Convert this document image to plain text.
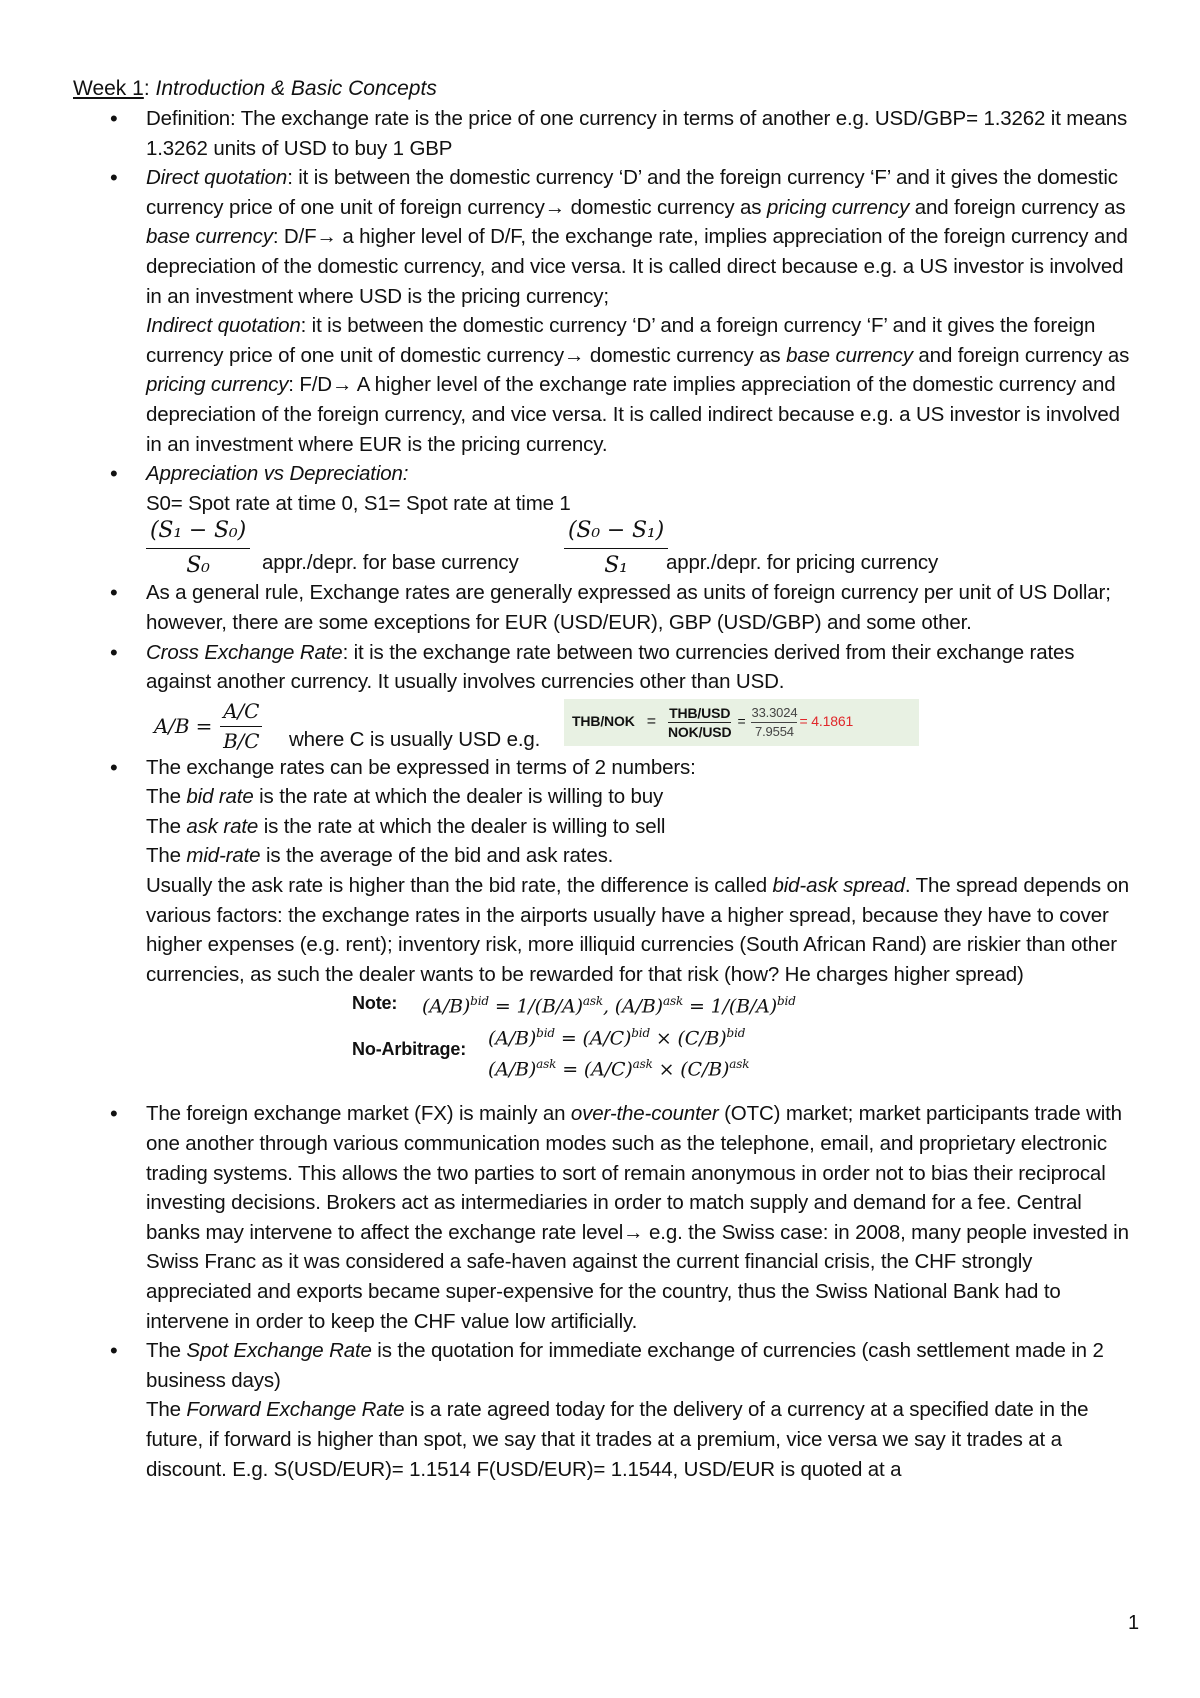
Week 1: Introduction & Basic Concepts

• Definition: The exchange rate is the price of one currency in terms of another e.g. USD/GBP= 1.3262 it means 1.3262 units of USD to buy 1 GBP

• Direct quotation: it is between the domestic currency ‘D’ and the foreign currency ‘F’ and it gives the domestic currency price of one unit of foreign currency→ domestic currency as pricing currency and foreign currency as base currency: D/F→ a higher level of D/F, the exchange rate, implies appreciation of the foreign currency and depreciation of the domestic currency, and vice versa. It is called direct because e.g. a US investor is involved in an investment where USD is the pricing currency;

Indirect quotation: it is between the domestic currency ‘D’ and a foreign currency ‘F’ and it gives the foreign currency price of one unit of domestic currency→ domestic currency as base currency and foreign currency as pricing currency: F/D→ A higher level of the exchange rate implies appreciation of the domestic currency and depreciation of the foreign currency, and vice versa. It is called indirect because e.g. a US investor is involved in an investment where EUR is the pricing currency.

• Appreciation vs Depreciation:

S0= Spot rate at time 0, S1= Spot rate at time 1

$\frac{\text{(S₁ − S₀)}}{\text{S₀}}$ appr./depr. for base currency $\frac{\text{(S₀ − S₁)}}{\text{S₁}}$
appr./depr. for pricing currency

• As a general rule, Exchange rates are generally expressed as units of foreign currency per unit of US Dollar; however, there are some exceptions for EUR (USD/EUR), GBP (USD/GBP) and some other.

• Cross Exchange Rate: it is the exchange rate between two currencies derived from their exchange rates against another currency. It usually involves currencies other than USD.

$A/B = \frac{A/C}{B/C}$ where C is usually USD e.g.
THB/NOK =
THB/USD
NOK/USD
= $\frac{33.3024}{7.9554} = 4.1861$

• The exchange rates can be expressed in terms of 2 numbers:

The bid rate is the rate at which the dealer is willing to buy

The ask rate is the rate at which the dealer is willing to sell

The mid-rate is the average of the bid and ask rates.

Usually the ask rate is higher than the bid rate, the difference is called bid-ask spread. The spread depends on various factors: the exchange rates in the airports usually have a higher spread, because they have to cover higher expenses (e.g. rent); inventory risk, more illiquid currencies (South African Rand) are riskier than other currencies, as such the dealer wants to be rewarded for that risk (how? He charges higher spread)

Note: $(A/B)^{bid} = 1/(B/A)^{ask}$, $(A/B)^{ask} = 1/(B/A)^{bid}$
No-Arbitrage: $(A/B)^{bid} = (A/C)^{bid} \times (C/B)^{bid}$
$(A/B)^{ask} = (A/C)^{ask} \times (C/B)^{ask}$

• The foreign exchange market (FX) is mainly an over-the-counter (OTC) market; market participants trade with one another through various communication modes such as the telephone, email, and proprietary electronic trading systems. This allows the two parties to sort of remain anonymous in order not to bias their reciprocal investing decisions. Brokers act as intermediaries in order to match supply and demand for a fee. Central banks may intervene to affect the exchange rate level→ e.g. the Swiss case: in 2008, many people invested in Swiss Franc as it was considered a safe-haven against the current financial crisis, the CHF strongly appreciated and exports became super-expensive for the country, thus the Swiss National Bank had to intervene in order to keep the CHF value low artificially.

• The Spot Exchange Rate is the quotation for immediate exchange of currencies (cash settlement made in 2 business days)

The Forward Exchange Rate is a rate agreed today for the delivery of a currency at a specified date in the future, if forward is higher than spot, we say that it trades at a premium, vice versa we say it trades at a discount. E.g. S(USD/EUR)= 1.1514 F(USD/EUR)= 1.1544, USD/EUR is quoted at a

1
